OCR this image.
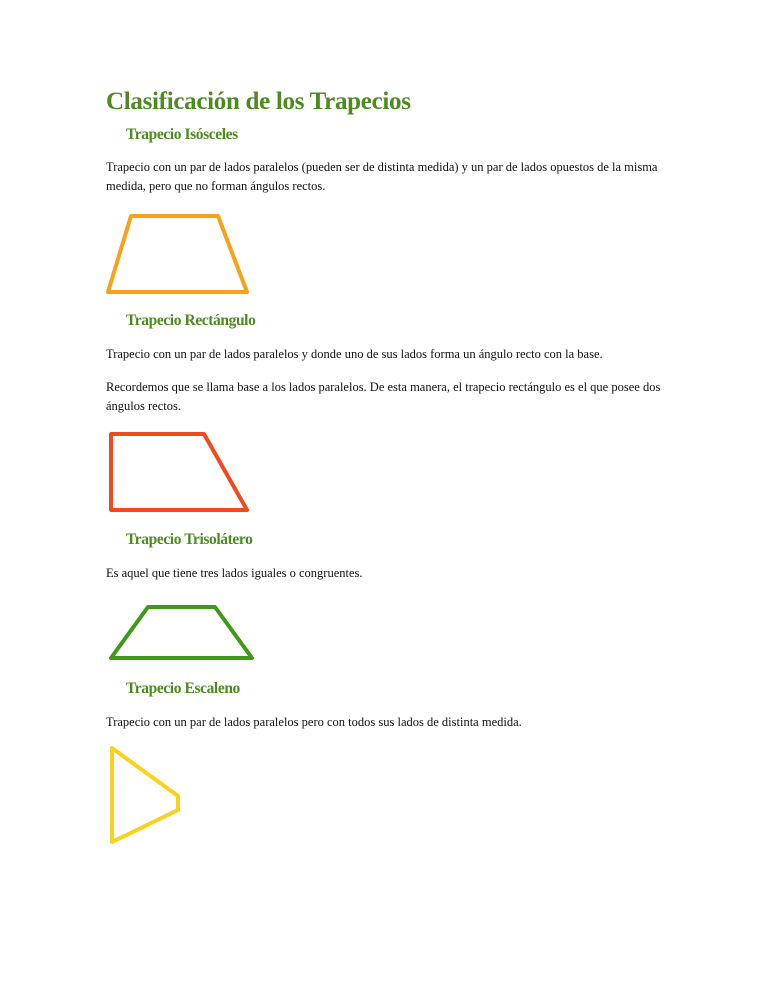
Clasificación de los Trapecios
Trapecio Isósceles

Trapecio con un par de lados paralelos (pueden ser de distinta medida) y un par de lados opuestos de la misma medida, pero que no forman ángulos rectos.

Trapecio Rectángulo

Trapecio con un par de lados paralelos y donde uno de sus lados forma un ángulo recto con la base.

Recordemos que se llama base a los lados paralelos. De esta manera, el trapecio rectángulo es el que posee dos ángulos rectos.

Trapecio Trisolátero

Es aquel que tiene tres lados iguales o congruentes.

Trapecio Escaleno

Trapecio con un par de lados paralelos pero con todos sus lados de distinta medida.
